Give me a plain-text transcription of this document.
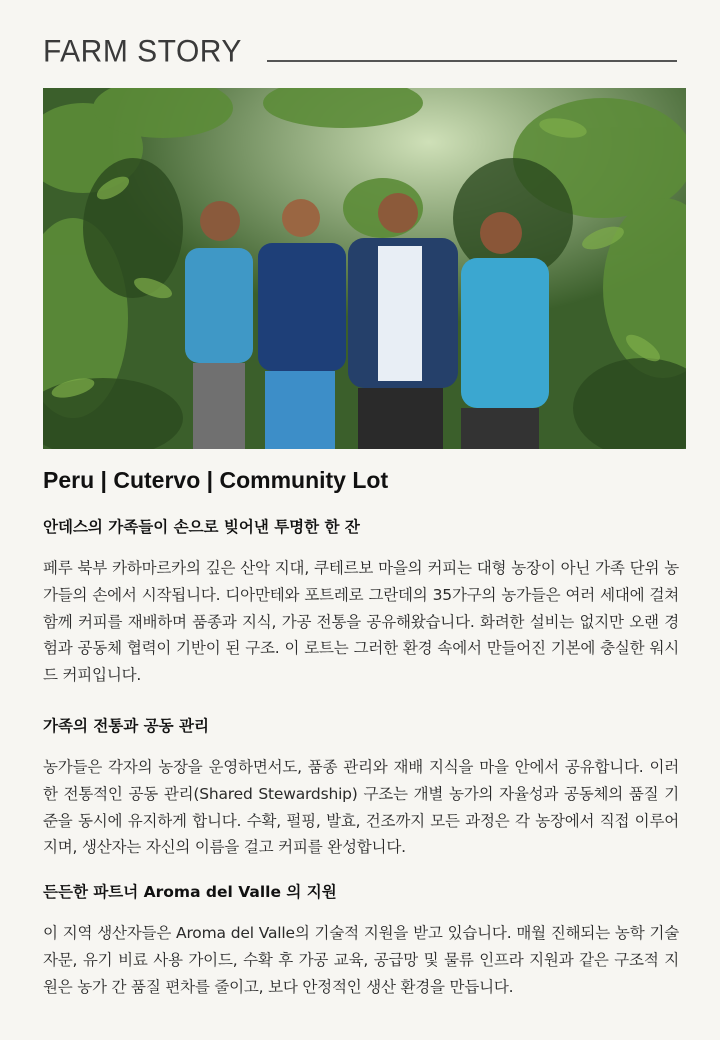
FARM STORY
Peru | Cutervo | Community Lot
안데스의 가족들이 손으로 빚어낸 투명한 한 잔

페루 북부 카하마르카의 깊은 산악 지대, 쿠테르보 마을의 커피는 대형 농장이 아닌 가족 단위 농가들의 손에서 시작됩니다. 디아만테와 포트레로 그란데의 35가구의 농가들은 여러 세대에 걸쳐 함께 커피를 재배하며 품종과 지식, 가공 전통을 공유해왔습니다. 화려한 설비는 없지만 오랜 경험과 공동체 협력이 기반이 된 구조. 이 로트는 그러한 환경 속에서 만들어진 기본에 충실한 워시드 커피입니다.

가족의 전통과 공동 관리

농가들은 각자의 농장을 운영하면서도, 품종 관리와 재배 지식을 마을 안에서 공유합니다. 이러한 전통적인 공동 관리(Shared Stewardship) 구조는 개별 농가의 자율성과 공동체의 품질 기준을 동시에 유지하게 합니다. 수확, 펄핑, 발효, 건조까지 모든 과정은 각 농장에서 직접 이루어지며, 생산자는 자신의 이름을 걸고 커피를 완성합니다.

든든한 파트너 Aroma del Valle 의 지원

이 지역 생산자들은 Aroma del Valle의 기술적 지원을 받고 있습니다. 매월 진해되는 농학 기술 자문, 유기 비료 사용 가이드, 수확 후 가공 교육, 공급망 및 물류 인프라 지원과 같은 구조적 지원은 농가 간 품질 편차를 줄이고, 보다 안정적인 생산 환경을 만듭니다.
